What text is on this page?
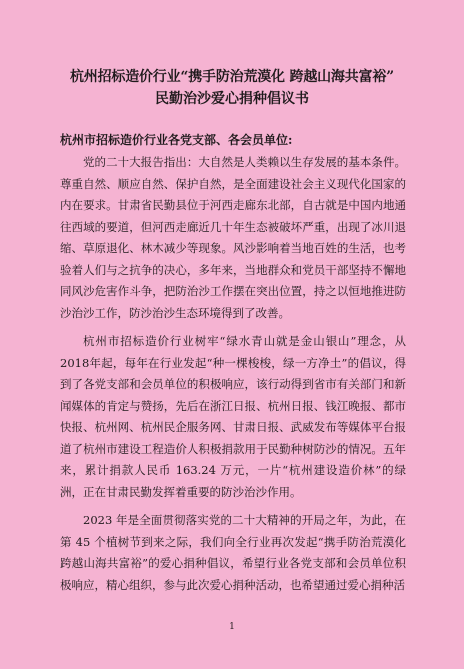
杭州招标造价行业“携手防治荒漠化 跨越山海共富裕”
民勤治沙爱心捐种倡议书
杭州市招标造价行业各党支部、各会员单位:

党的二十大报告指出：大自然是人类赖以生存发展的基本条件。尊重自然、顺应自然、保护自然，是全面建设社会主义现代化国家的内在要求。甘肃省民勤县位于河西走廊东北部，自古就是中国内地通往西域的要道，但河西走廊近几十年生态被破坏严重，出现了冰川退缩、草原退化、林木减少等现象。风沙影响着当地百姓的生活，也考验着人们与之抗争的决心，多年来，当地群众和党员干部坚持不懈地同风沙危害作斗争，把防治沙工作摆在突出位置，持之以恒地推进防沙治沙工作，防沙治沙生态环境得到了改善。

杭州市招标造价行业树牢“绿水青山就是金山银山”理念，从2018年起，每年在行业发起“种一棵梭梭，绿一方净土”的倡议，得到了各党支部和会员单位的积极响应，该行动得到省市有关部门和新闻媒体的肯定与赞扬，先后在浙江日报、杭州日报、钱江晚报、都市快报、杭州网、杭州民企服务网、甘肃日报、武威发布等媒体平台报道了杭州市建设工程造价人积极捐款用于民勤种树防沙的情况。五年来，累计捐款人民币 163.24 万元，一片“杭州建设造价林”的绿洲，正在甘肃民勤发挥着重要的防沙治沙作用。

2023 年是全面贯彻落实党的二十大精神的开局之年，为此，在第 45 个植树节到来之际，我们向全行业再次发起“携手防治荒漠化跨越山海共富裕”的爱心捐种倡议，希望行业各党支部和会员单位积极响应，精心组织，参与此次爱心捐种活动，也希望通过爱心捐种活

1
